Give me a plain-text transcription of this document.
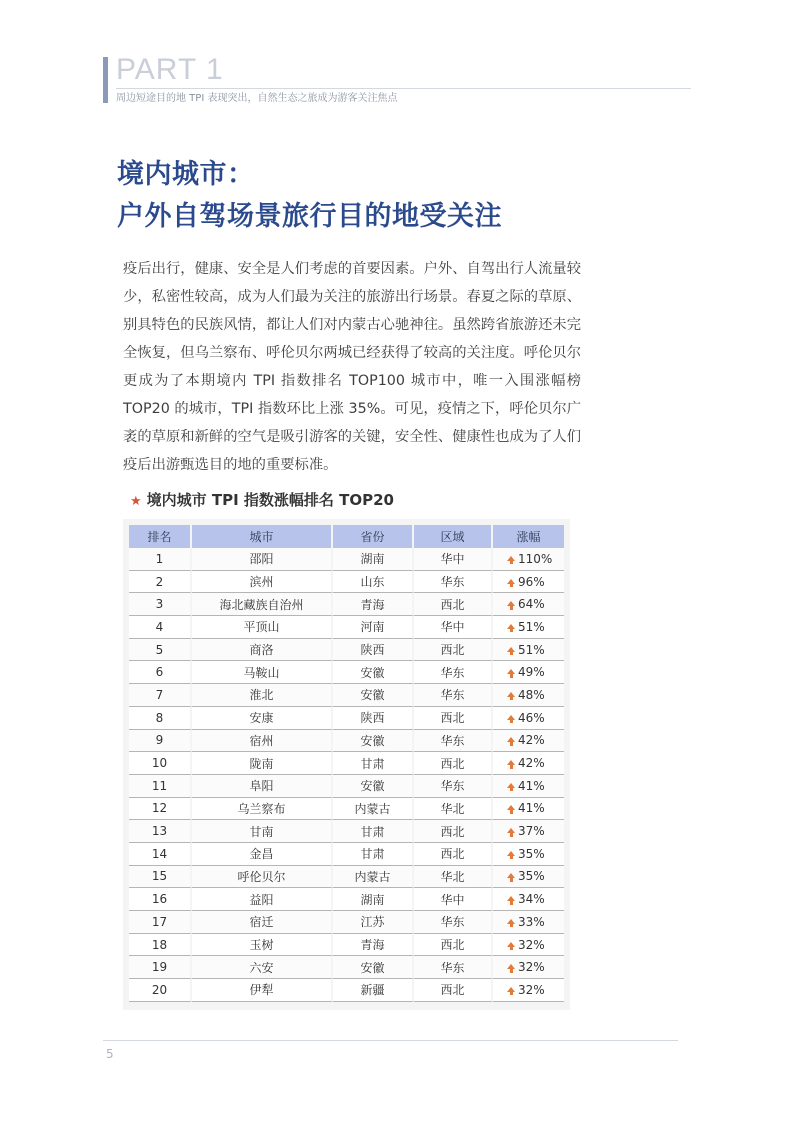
PART 1
周边短途目的地 TPI 表现突出，自然生态之旅成为游客关注焦点
境内城市：
户外自驾场景旅行目的地受关注

疫后出行，健康、安全是人们考虑的首要因素。户外、自驾出行人流量较少，私密性较高，成为人们最为关注的旅游出行场景。春夏之际的草原、别具特色的民族风情，都让人们对内蒙古心驰神往。虽然跨省旅游还未完全恢复，但乌兰察布、呼伦贝尔两城已经获得了较高的关注度。呼伦贝尔更成为了本期境内 TPI 指数排名 TOP100 城市中，唯一入围涨幅榜 TOP20 的城市，TPI 指数环比上涨 35%。可见，疫情之下，呼伦贝尔广袤的草原和新鲜的空气是吸引游客的关键，安全性、健康性也成为了人们疫后出游甄选目的地的重要标准。

★ 境内城市 TPI 指数涨幅排名 TOP20
排名	城市	省份	区域	涨幅
1	邵阳	湖南	华中	110%
2	滨州	山东	华东	96%
3	海北藏族自治州	青海	西北	64%
4	平顶山	河南	华中	51%
5	商洛	陕西	西北	51%
6	马鞍山	安徽	华东	49%
7	淮北	安徽	华东	48%
8	安康	陕西	西北	46%
9	宿州	安徽	华东	42%
10	陇南	甘肃	西北	42%
11	阜阳	安徽	华东	41%
12	乌兰察布	内蒙古	华北	41%
13	甘南	甘肃	西北	37%
14	金昌	甘肃	西北	35%
15	呼伦贝尔	内蒙古	华北	35%
16	益阳	湖南	华中	34%
17	宿迁	江苏	华东	33%
18	玉树	青海	西北	32%
19	六安	安徽	华东	32%
20	伊犁	新疆	西北	32%
5
